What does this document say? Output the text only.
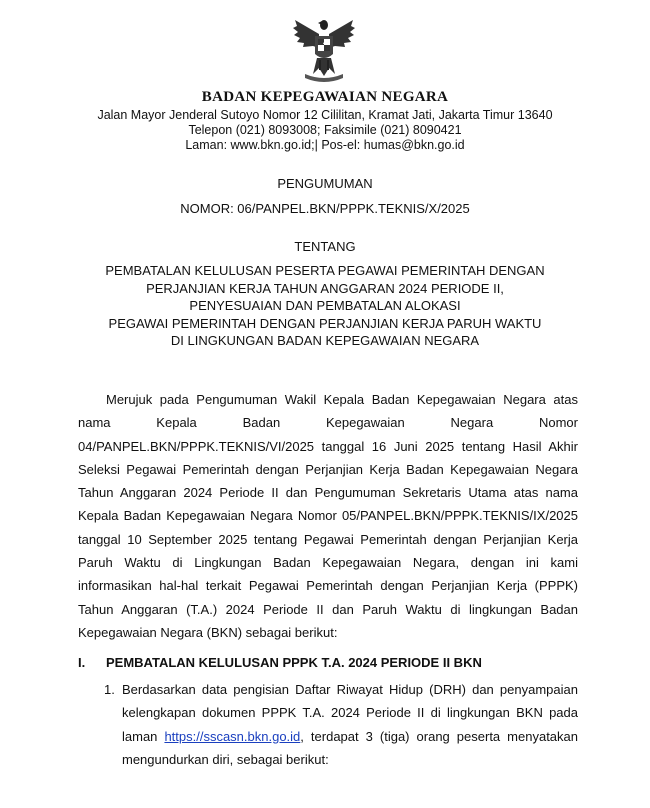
BADAN KEPEGAWAIAN NEGARA
Jalan Mayor Jenderal Sutoyo Nomor 12 Cililitan, Kramat Jati, Jakarta Timur 13640
Telepon (021) 8093008; Faksimile (021) 8090421
Laman: www.bkn.go.id;| Pos-el: humas@bkn.go.id
PENGUMUMAN
NOMOR: 06/PANPEL.BKN/PPPK.TEKNIS/X/2025
TENTANG
PEMBATALAN KELULUSAN PESERTA PEGAWAI PEMERINTAH DENGAN
PERJANJIAN KERJA TAHUN ANGGARAN 2024 PERIODE II,
PENYESUAIAN DAN PEMBATALAN ALOKASI
PEGAWAI PEMERINTAH DENGAN PERJANJIAN KERJA PARUH WAKTU
DI LINGKUNGAN BADAN KEPEGAWAIAN NEGARA
Merujuk pada Pengumuman Wakil Kepala Badan Kepegawaian Negara atas
nama Kepala Badan Kepegawaian Negara Nomor
04/PANPEL.BKN/PPPK.TEKNIS/VI/2025 tanggal 16 Juni 2025 tentang Hasil Akhir
Seleksi Pegawai Pemerintah dengan Perjanjian Kerja Badan Kepegawaian Negara
Tahun Anggaran 2024 Periode II dan Pengumuman Sekretaris Utama atas nama
Kepala Badan Kepegawaian Negara Nomor 05/PANPEL.BKN/PPPK.TEKNIS/IX/2025
tanggal 10 September 2025 tentang Pegawai Pemerintah dengan Perjanjian Kerja
Paruh Waktu di Lingkungan Badan Kepegawaian Negara, dengan ini kami
informasikan hal-hal terkait Pegawai Pemerintah dengan Perjanjian Kerja (PPPK)
Tahun Anggaran (T.A.) 2024 Periode II dan Paruh Waktu di lingkungan Badan
Kepegawaian Negara (BKN) sebagai berikut:
I. PEMBATALAN KELULUSAN PPPK T.A. 2024 PERIODE II BKN
1. Berdasarkan data pengisian Daftar Riwayat Hidup (DRH) dan penyampaian
kelengkapan dokumen PPPK T.A. 2024 Periode II di lingkungan BKN pada
laman https://sscasn.bkn.go.id, terdapat 3 (tiga) orang peserta menyatakan
mengundurkan diri, sebagai berikut:
